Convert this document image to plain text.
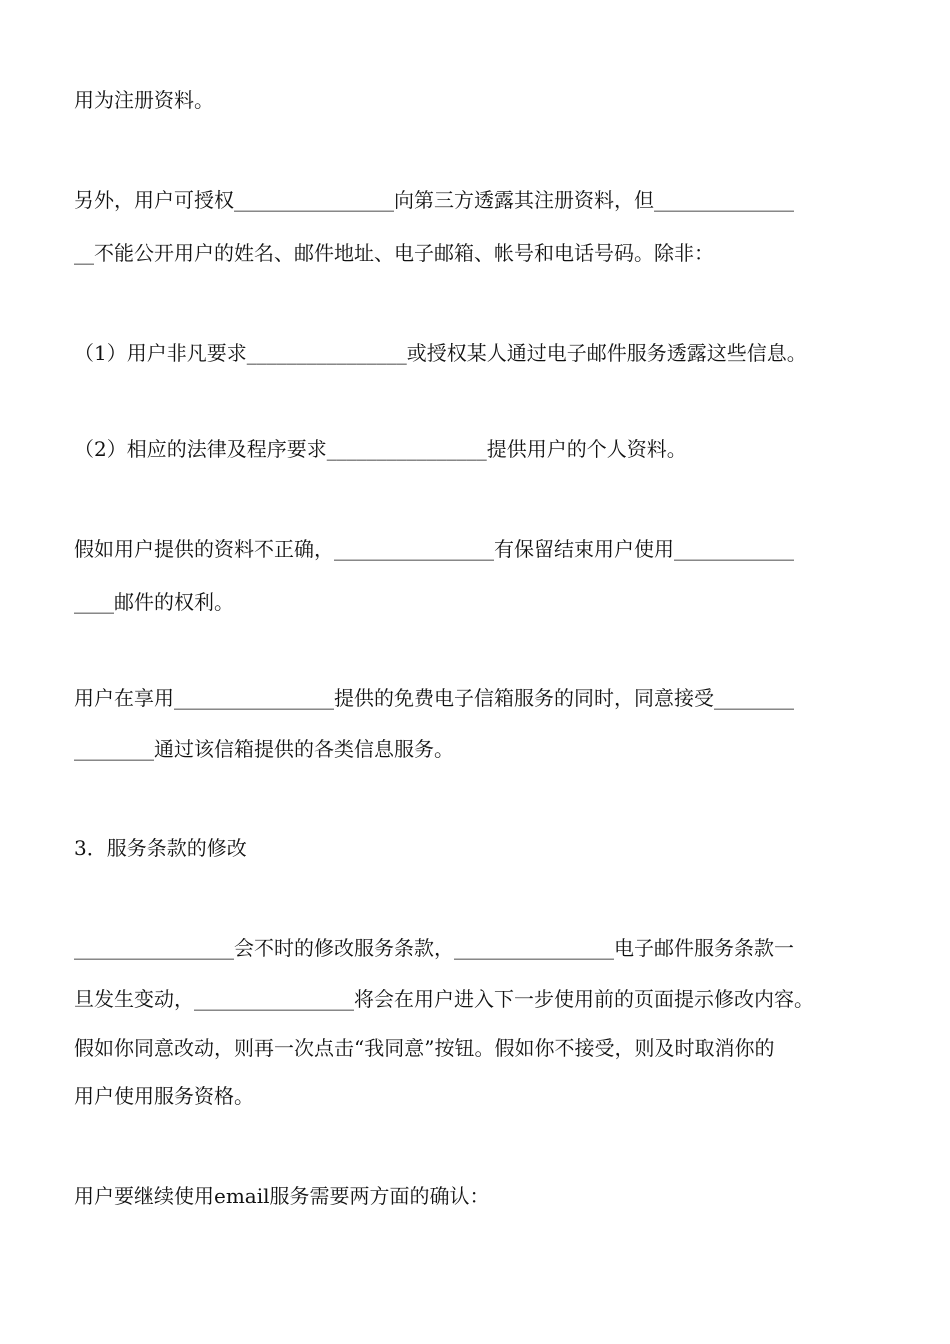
用为注册资料。
另外，用户可授权________________向第三方透露其注册资料，但______________
__不能公开用户的姓名、邮件地址、电子邮箱、帐号和电话号码。除非：
（1）用户非凡要求________________或授权某人通过电子邮件服务透露这些信息。
（2）相应的法律及程序要求________________提供用户的个人资料。
假如用户提供的资料不正确，________________有保留结束用户使用____________
____邮件的权利。
用户在享用________________提供的免费电子信箱服务的同时，同意接受________
________通过该信箱提供的各类信息服务。
3．服务条款的修改
________________会不时的修改服务条款，________________电子邮件服务条款一
旦发生变动，________________将会在用户进入下一步使用前的页面提示修改内容。
假如你同意改动，则再一次点击“我同意”按钮。假如你不接受，则及时取消你的
用户使用服务资格。
用户要继续使用email服务需要两方面的确认：
